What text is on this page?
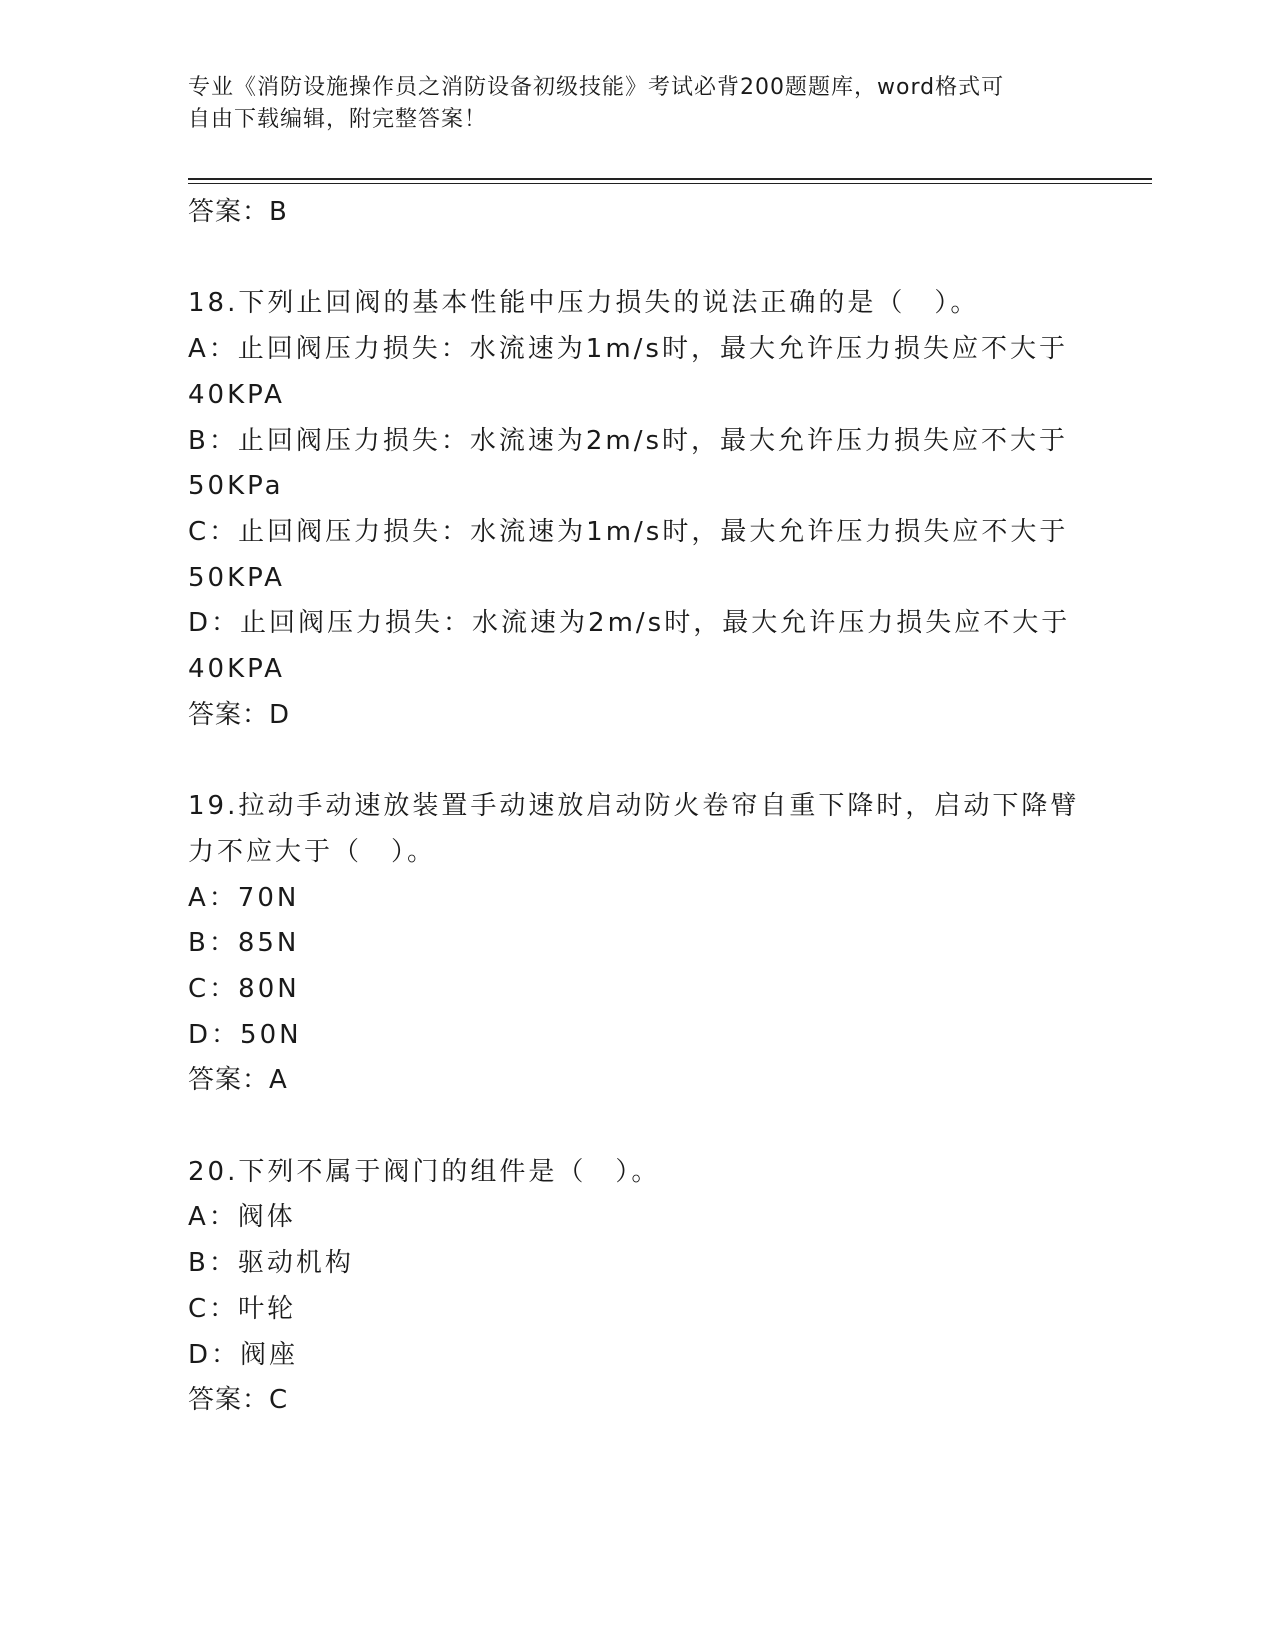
专业《消防设施操作员之消防设备初级技能》考试必背200题题库，word格式可
自由下载编辑，附完整答案！
答案：B
18.下列止回阀的基本性能中压力损失的说法正确的是（　）。
A：止回阀压力损失：水流速为1m/s时，最大允许压力损失应不大于
40KPA
B：止回阀压力损失：水流速为2m/s时，最大允许压力损失应不大于
50KPa
C：止回阀压力损失：水流速为1m/s时，最大允许压力损失应不大于
50KPA
D：止回阀压力损失：水流速为2m/s时，最大允许压力损失应不大于
40KPA
答案：D
19.拉动手动速放装置手动速放启动防火卷帘自重下降时，启动下降臂
力不应大于（　）。
A：70N
B：85N
C：80N
D：50N
答案：A
20.下列不属于阀门的组件是（　）。
A：阀体
B：驱动机构
C：叶轮
D：阀座
答案：C
